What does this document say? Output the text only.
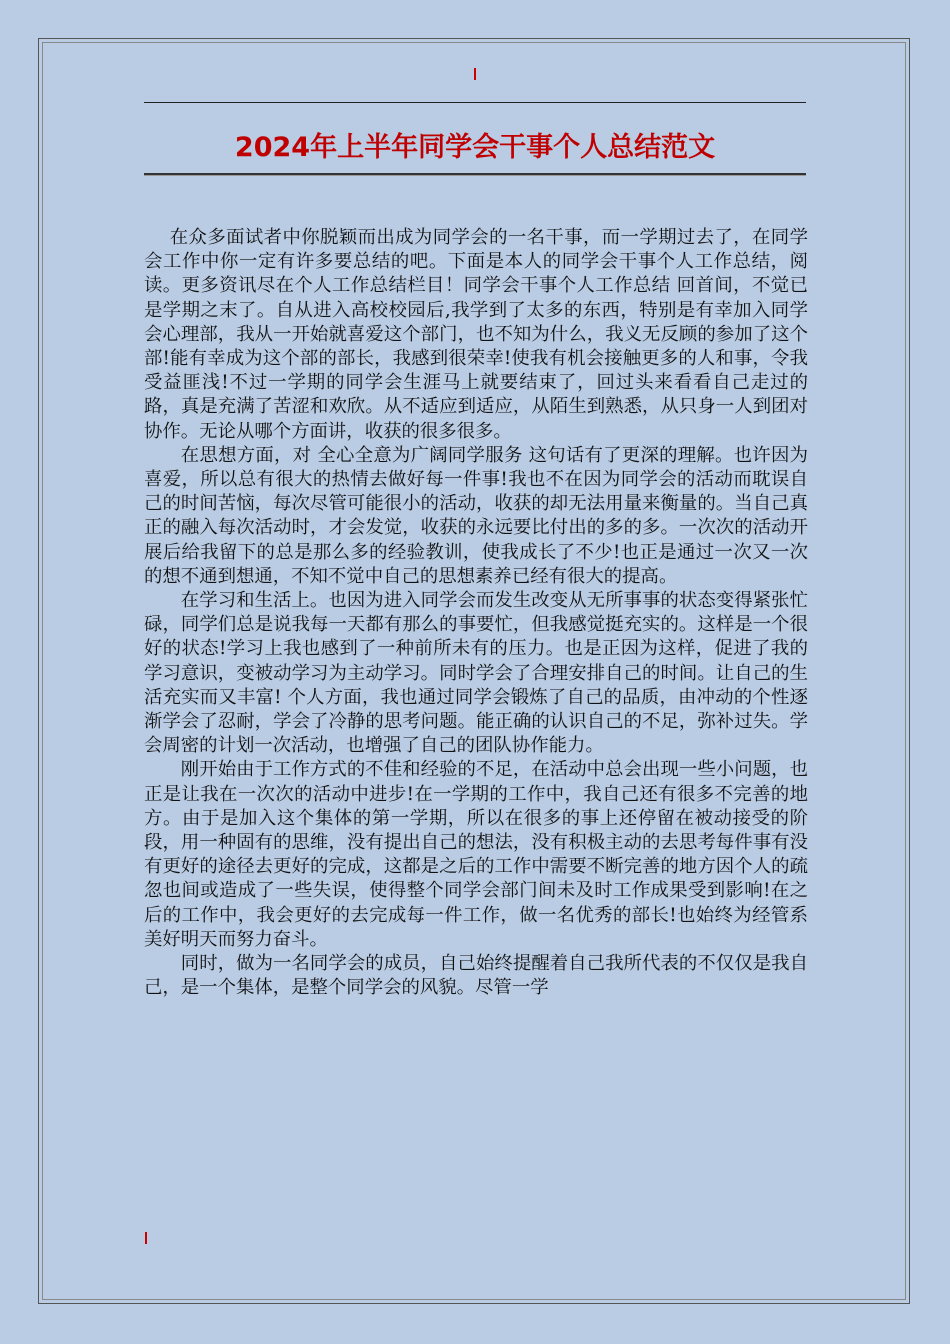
2024年上半年同学会干事个人总结范文

在众多面试者中你脱颖而出成为同学会的一名干事，而一学期过去了，在同学会工作中你一定有许多要总结的吧。下面是本人的同学会干事个人工作总结，阅读。更多资讯尽在个人工作总结栏目！同学会干事个人工作总结 回首间，不觉已是学期之末了。自从进入高校校园后,我学到了太多的东西，特别是有幸加入同学会心理部，我从一开始就喜爱这个部门，也不知为什么，我义无反顾的参加了这个部!能有幸成为这个部的部长，我感到很荣幸!使我有机会接触更多的人和事，令我受益匪浅!不过一学期的同学会生涯马上就要结束了，回过头来看看自己走过的路，真是充满了苦涩和欢欣。从不适应到适应，从陌生到熟悉，从只身一人到团对协作。无论从哪个方面讲，收获的很多很多。

在思想方面，对 全心全意为广阔同学服务 这句话有了更深的理解。也许因为喜爱，所以总有很大的热情去做好每一件事!我也不在因为同学会的活动而耽误自己的时间苦恼，每次尽管可能很小的活动，收获的却无法用量来衡量的。当自己真正的融入每次活动时，才会发觉，收获的永远要比付出的多的多。一次次的活动开展后给我留下的总是那么多的经验教训，使我成长了不少!也正是通过一次又一次的想不通到想通，不知不觉中自己的思想素养已经有很大的提高。

在学习和生活上。也因为进入同学会而发生改变从无所事事的状态变得紧张忙碌，同学们总是说我每一天都有那么的事要忙，但我感觉挺充实的。这样是一个很好的状态!学习上我也感到了一种前所未有的压力。也是正因为这样，促进了我的学习意识，变被动学习为主动学习。同时学会了合理安排自己的时间。让自己的生活充实而又丰富! 个人方面，我也通过同学会锻炼了自己的品质，由冲动的个性逐渐学会了忍耐，学会了冷静的思考问题。能正确的认识自己的不足，弥补过失。学会周密的计划一次活动，也增强了自己的团队协作能力。

刚开始由于工作方式的不佳和经验的不足，在活动中总会出现一些小问题，也正是让我在一次次的活动中进步!在一学期的工作中，我自己还有很多不完善的地方。由于是加入这个集体的第一学期，所以在很多的事上还停留在被动接受的阶段，用一种固有的思维，没有提出自己的想法，没有积极主动的去思考每件事有没有更好的途径去更好的完成，这都是之后的工作中需要不断完善的地方因个人的疏忽也间或造成了一些失误，使得整个同学会部门间未及时工作成果受到影响!在之后的工作中，我会更好的去完成每一件工作，做一名优秀的部长!也始终为经管系美好明天而努力奋斗。

同时，做为一名同学会的成员，自己始终提醒着自己我所代表的不仅仅是我自己，是一个集体，是整个同学会的风貌。尽管一学
